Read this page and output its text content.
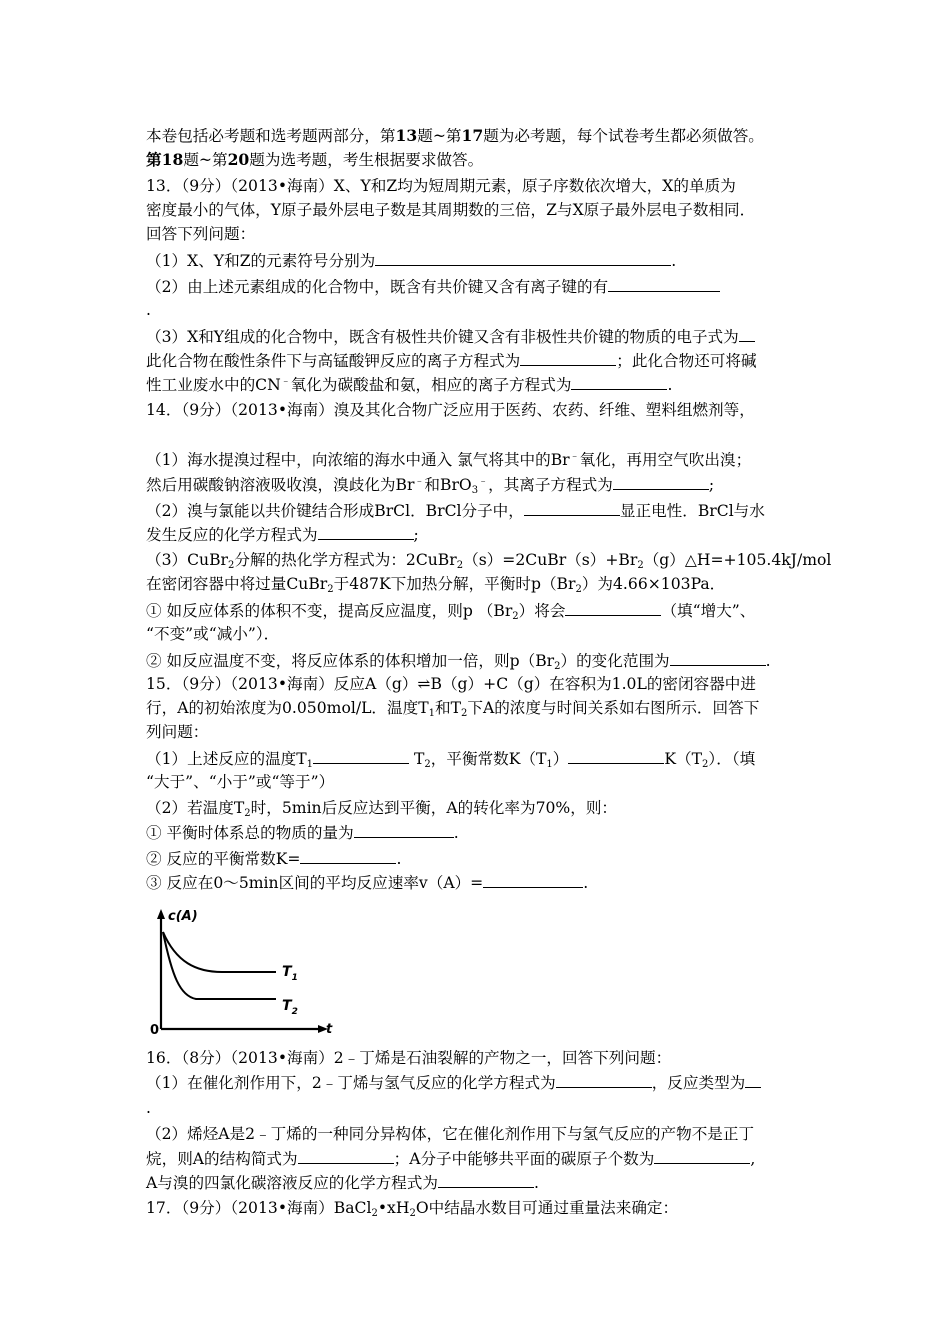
本卷包括必考题和选考题两部分，第13题~第17题为必考题，每个试卷考生都必须做答。
第18题~第20题为选考题，考生根据要求做答。
13．（9分）（2013•海南）X、Y和Z均为短周期元素，原子序数依次增大，X的单质为
密度最小的气体，Y原子最外层电子数是其周期数的三倍，Z与X原子最外层电子数相同．
回答下列问题：
（1）X、Y和Z的元素符号分别为	.
（2）由上述元素组成的化合物中，既含有共价键又含有离子键的有
.
（3）X和Y组成的化合物中，既含有极性共价键又含有非极性共价键的物质的电子式为
此化合物在酸性条件下与高锰酸钾反应的离子方程式为	；此化合物还可将碱
性工业废水中的CN﹣氧化为碳酸盐和氨，相应的离子方程式为	.
14．（9分）（2013•海南）溴及其化合物广泛应用于医药、农药、纤维、塑料组燃剂等，
（1）海水提溴过程中，向浓缩的海水中通入 氯气将其中的Br﹣氧化，再用空气吹出溴；
然后用碳酸钠溶液吸收溴，溴歧化为Br﹣和BrO$_3$﹣，其离子方程式为	;
（2）溴与氯能以共价键结合形成BrCl．BrCl分子中，	显正电性．BrCl与水
发生反应的化学方程式为	;
（3）CuBr$_2$分解的热化学方程式为：$2CuBr_2(s)=2CuBr(s)+Br_2(g)\triangle H=+105.4kJ$/mol
在密闭容器中将过量CuBr$_2$于487K下加热分解，平衡时$p(Br_2)$为4.66×103Pa．
① 如反应体系的体积不变，提高反应温度，则p $(Br_2)$将会	（填“增大”、
“不变”或“减小”）．
② 如反应温度不变，将反应体系的体积增加一倍，则$p(Br_2)$的变化范围为	.
15．（9分）（2013•海南）反应A（g）⇌B（g）+C（g）在容积为1.0L的密闭容器中进
行，A的初始浓度为0.050mol/L．温度$T_1$和$T_2$下A的浓度与时间关系如右图所示．回答下
列问题：
（1）上述反应的温度$T_1$	$T_2$，平衡常数$K(T_1)$	$K(T_2)$．（填
“大于”、“小于”或“等于”）
（2）若温度$T_2$时，5min后反应达到平衡，A的转化率为70%，则：
① 平衡时体系总的物质的量为	.
② 反应的平衡常数K=	.
③ 反应在0～5min区间的平均反应速率v（A）=	.
c(A)
$T_1$
$T_2$
0	t
16．（8分）（2013•海南）2﹣丁烯是石油裂解的产物之一，回答下列问题：
（1）在催化剂作用下，2﹣丁烯与氢气反应的化学方程式为	，反应类型为
.
（2）烯烃A是2﹣丁烯的一种同分异构体，它在催化剂作用下与氢气反应的产物不是正丁
烷，则A的结构简式为	；A分子中能够共平面的碳原子个数为	,
A与溴的四氯化碳溶液反应的化学方程式为	.
17．（9分）（2013•海南）$BaCl_2•xH_2O$中结晶水数目可通过重量法来确定：
